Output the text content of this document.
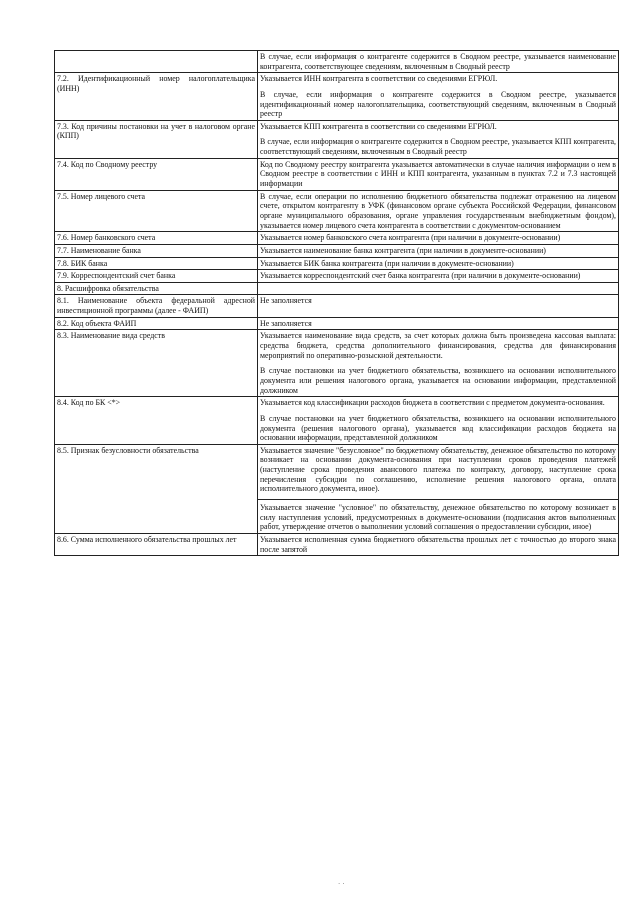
	В случае, если информация о контрагенте содержится в Сводном реестре, указывается наименование контрагента, соответствующее сведениям, включенным в Сводный реестр

7.2. Идентификационный номер налогоплательщика (ИНН)	Указывается ИНН контрагента в соответствии со сведениями ЕГРЮЛ.
В случае, если информация о контрагенте содержится в Сводном реестре, указывается идентификационный номер налогоплательщика, соответствующий сведениям, включенным в Сводный реестр

7.3. Код причины постановки на учет в налоговом органе (КПП)	Указывается КПП контрагента в соответствии со сведениями ЕГРЮЛ.
В случае, если информация о контрагенте содержится в Сводном реестре, указывается КПП контрагента, соответствующий сведениям, включенным в Сводный реестр

7.4. Код по Сводному реестру	Код по Сводному реестру контрагента указывается автоматически в случае наличия информации о нем в Сводном реестре в соответствии с ИНН и КПП контрагента, указанным в пунктах 7.2 и 7.3 настоящей информации

7.5. Номер лицевого счета	В случае, если операции по исполнению бюджетного обязательства подлежат отражению на лицевом счете, открытом контрагенту в УФК (финансовом органе субъекта Российской Федерации, финансовом органе муниципального образования, органе управления государственным внебюджетным фондом), указывается номер лицевого счета контрагента в соответствии с документом-основанием

7.6. Номер банковского счета	Указывается номер банковского счета контрагента (при наличии в документе-основании)

7.7. Наименование банка	Указывается наименование банка контрагента (при наличии в документе-основании)

7.8. БИК банка	Указывается БИК банка контрагента (при наличии в документе-основании)

7.9. Корреспондентский счет банка	Указывается корреспондентский счет банка контрагента (при наличии в документе-основании)

8. Расшифровка обязательства	
8.1. Наименование объекта федеральной адресной инвестиционной программы (далее - ФАИП)	Не заполняется

8.2. Код объекта ФАИП	Не заполняется

8.3. Наименование вида средств	Указывается наименование вида средств, за счет которых должна быть произведена кассовая выплата: средства бюджета, средства дополнительного финансирования, средства для финансирования мероприятий по оперативно-розыскной деятельности.
В случае постановки на учет бюджетного обязательства, возникшего на основании исполнительного документа или решения налогового органа, указывается на основании информации, представленной должником

8.4. Код по БК <*>	Указывается код классификации расходов бюджета в соответствии с предметом документа-основания.
В случае постановки на учет бюджетного обязательства, возникшего на основании исполнительного документа (решения налогового органа), указывается код классификации расходов бюджета на основании информации, представленной должником

8.5. Признак безусловности обязательства	Указывается значение "безусловное" по бюджетному обязательству, денежное обязательство по которому возникает на основании документа-основания при наступлении сроков проведения платежей (наступление срока проведения авансового платежа по контракту, договору, наступление срока перечисления субсидии по соглашению, исполнение решения налогового органа, оплата исполнительного документа, иное).
Указывается значение "условное" по обязательству, денежное обязательство по которому возникает в силу наступления условий, предусмотренных в документе-основании (подписания актов выполненных работ, утверждение отчетов о выполнении условий соглашения о предоставлении субсидии, иное)

8.6. Сумма исполненного обязательства прошлых лет	Указывается исполненная сумма бюджетного обязательства прошлых лет с точностью до второго знака после запятой
· ·
